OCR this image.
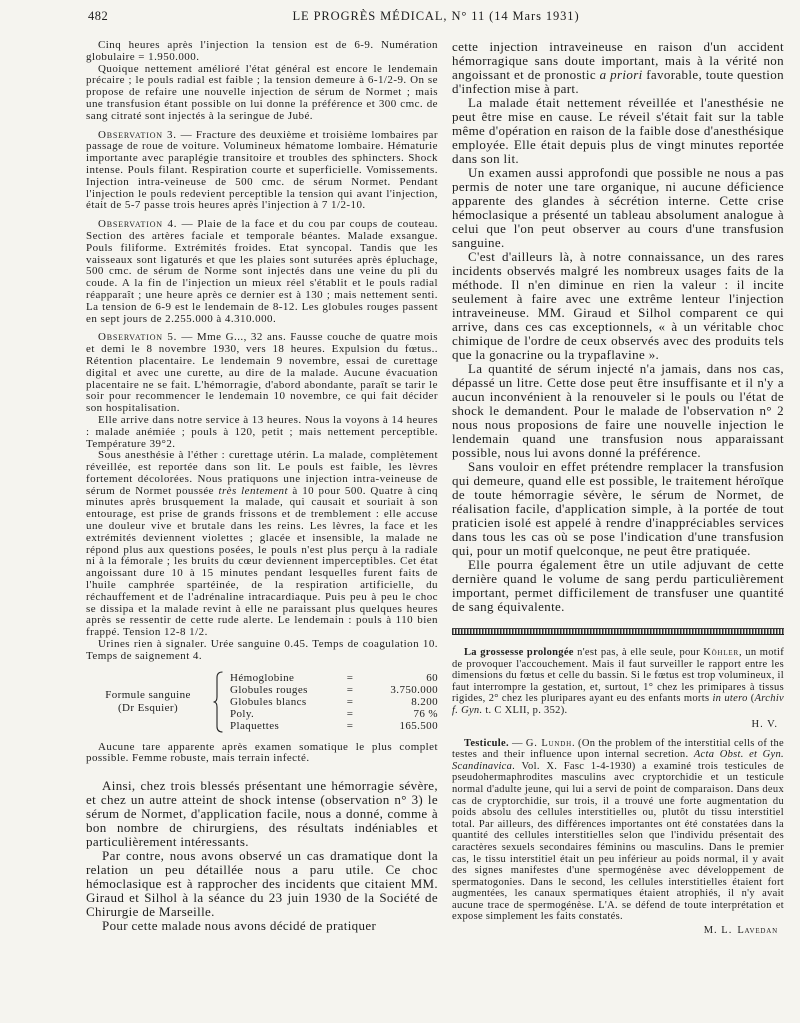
482	LE PROGRÈS MÉDICAL, N° 11 (14 Mars 1931)

Cinq heures après l'injection la tension est de 6-9. Numération globulaire = 1.950.000.

Quoique nettement amélioré l'état général est encore le lendemain précaire ; le pouls radial est faible ; la tension demeure à 6-1/2-9. On se propose de refaire une nouvelle injection de sérum de Normet ; mais une transfusion étant possible on lui donne la préférence et 300 cmc. de sang citraté sont injectés à la seringue de Jubé.

Observation 3. — Fracture des deuxième et troisième lombaires par passage de roue de voiture. Volumineux hématome lombaire. Hématurie importante avec paraplégie transitoire et troubles des sphincters. Shock intense. Pouls filant. Respiration courte et superficielle. Vomissements. Injection intra-veineuse de 500 cmc. de sérum Normet. Pendant l'injection le pouls redevient perceptible la tension qui avant l'injection, était de 5-7 passe trois heures après l'injection à 7 1/2-10.

Observation 4. — Plaie de la face et du cou par coups de couteau. Section des artères faciale et temporale béantes. Malade exsangue. Pouls filiforme. Extrémités froides. Etat syncopal. Tandis que les vaisseaux sont ligaturés et que les plaies sont suturées après épluchage, 500 cmc. de sérum de Norme sont injectés dans une veine du pli du coude. A la fin de l'injection un mieux réel s'établit et le pouls radial réapparaît ; une heure après ce dernier est à 130 ; mais nettement senti. La tension de 6-9 est le lendemain de 8-12. Les globules rouges passent en sept jours de 2.255.000 à 4.310.000.

Observation 5. — Mme G..., 32 ans. Fausse couche de quatre mois et demi le 8 novembre 1930, vers 18 heures. Expulsion du fœtus.. Rétention placentaire. Le lendemain 9 novembre, essai de curettage digital et avec une curette, au dire de la malade. Aucune évacuation placentaire ne se fait. L'hémorragie, d'abord abondante, paraît se tarir le soir pour recommencer le lendemain 10 novembre, ce qui fait décider son hospitalisation.

Elle arrive dans notre service à 13 heures. Nous la voyons à 14 heures : malade anémiée ; pouls à 120, petit ; mais nettement perceptible. Température 39°2.

Sous anesthésie à l'éther : curettage utérin. La malade, complètement réveillée, est reportée dans son lit. Le pouls est faible, les lèvres fortement décolorées. Nous pratiquons une injection intra-veineuse de sérum de Normet poussée très lentement à 10 pour 500. Quatre à cinq minutes après brusquement la malade, qui causait et souriait à son entourage, est prise de grands frissons et de tremblement : elle accuse une douleur vive et brutale dans les reins. Les lèvres, la face et les extrémités deviennent violettes ; glacée et insensible, la malade ne répond plus aux questions posées, le pouls n'est plus perçu à la radiale ni à la fémorale ; les bruits du cœur deviennent imperceptibles. Cet état angoissant dure 10 à 15 minutes pendant lesquelles furent faits de l'huile camphrée spartéinée, de la respiration artificielle, du réchauffement et de l'adrénaline intracardiaque. Puis peu à peu le choc se dissipa et la malade revint à elle ne paraissant plus quelques heures après se ressentir de cette rude alerte. Le lendemain : pouls à 110 bien frappé. Tension 12-8 1/2.

Urines rien à signaler. Urée sanguine 0.45. Temps de coagulation 10. Temps de saignement 4.

Formule sanguine
(Dr Esquier)
Hémoglobine	=	60
Globules rouges	=	3.750.000
Globules blancs	=	8.200
Poly.	=	76 %
Plaquettes	=	165.500

Aucune tare apparente après examen somatique le plus complet possible. Femme robuste, mais terrain infecté.

Ainsi, chez trois blessés présentant une hémorragie sévère, et chez un autre atteint de shock intense (observation n° 3) le sérum de Normet, d'application facile, nous a donné, comme à bon nombre de chirurgiens, des résultats indéniables et particulièrement intéressants.

Par contre, nous avons observé un cas dramatique dont la relation un peu détaillée nous a paru utile. Ce choc hémoclasique est à rapprocher des incidents que citaient MM. Giraud et Silhol à la séance du 23 juin 1930 de la Société de Chirurgie de Marseille.

Pour cette malade nous avons décidé de pratiquer

cette injection intraveineuse en raison d'un accident hémorragique sans doute important, mais à la vérité non angoissant et de pronostic a priori favorable, toute question d'infection mise à part.

La malade était nettement réveillée et l'anesthésie ne peut être mise en cause. Le réveil s'était fait sur la table même d'opération en raison de la faible dose d'anesthésique employée. Elle était depuis plus de vingt minutes reportée dans son lit.

Un examen aussi approfondi que possible ne nous a pas permis de noter une tare organique, ni aucune déficience apparente des glandes à sécrétion interne. Cette crise hémoclasique a présenté un tableau absolument analogue à celui que l'on peut observer au cours d'une transfusion sanguine.

C'est d'ailleurs là, à notre connaissance, un des rares incidents observés malgré les nombreux usages faits de la méthode. Il n'en diminue en rien la valeur : il incite seulement à faire avec une extrême lenteur l'injection intraveineuse. MM. Giraud et Silhol comparent ce qui arrive, dans ces cas exceptionnels, « à un véritable choc chimique de l'ordre de ceux observés avec des produits tels que la gonacrine ou la trypaflavine ».

La quantité de sérum injecté n'a jamais, dans nos cas, dépassé un litre. Cette dose peut être insuffisante et il n'y a aucun inconvénient à la renouveler si le pouls ou l'état de shock le demandent. Pour le malade de l'observation n° 2 nous nous proposions de faire une nouvelle injection le lendemain quand une transfusion nous apparaissant possible, nous lui avons donné la préférence.

Sans vouloir en effet prétendre remplacer la transfusion qui demeure, quand elle est possible, le traitement héroïque de toute hémorragie sévère, le sérum de Normet, de réalisation facile, d'application simple, à la portée de tout praticien isolé est appelé à rendre d'inappréciables services dans tous les cas où se pose l'indication d'une transfusion qui, pour un motif quelconque, ne peut être pratiquée.

Elle pourra également être un utile adjuvant de cette dernière quand le volume de sang perdu particulièrement important, permet difficilement de transfuser une quantité de sang équivalente.

La grossesse prolongée n'est pas, à elle seule, pour Köhler, un motif de provoquer l'accouchement. Mais il faut surveiller le rapport entre les dimensions du fœtus et celle du bassin. Si le fœtus est trop volumineux, il faut interrompre la gestation, et, surtout, 1° chez les primipares à tissus rigides, 2° chez les pluripares ayant eu des enfants morts in utero (Archiv f. Gyn. t. C XLII, p. 352).

H. V.

Testicule. — G. Lundh. (On the problem of the interstitial cells of the testes and their influence upon internal secretion. Acta Obst. et Gyn. Scandinavica. Vol. X. Fasc 1-4-1930) a examiné trois testicules de pseudohermaphrodites masculins avec cryptorchidie et un testicule normal d'adulte jeune, qui lui a servi de point de comparaison. Dans deux cas de cryptorchidie, sur trois, il a trouvé une forte augmentation du poids absolu des cellules interstitielles ou, plutôt du tissu interstitiel total. Par ailleurs, des différences importantes ont été constatées dans la quantité des cellules interstitielles selon que l'individu présentait des caractères sexuels secondaires féminins ou masculins. Dans le premier cas, le tissu interstitiel était un peu inférieur au poids normal, il y avait des signes manifestes d'une spermogénèse avec développement de spermatogonies. Dans le second, les cellules interstitielles étaient fort augmentées, les canaux spermatiques étaient atrophiés, il n'y avait aucune trace de spermogénèse. L'A. se défend de toute interprétation et expose simplement les faits constatés.

M. L. Lavedan
